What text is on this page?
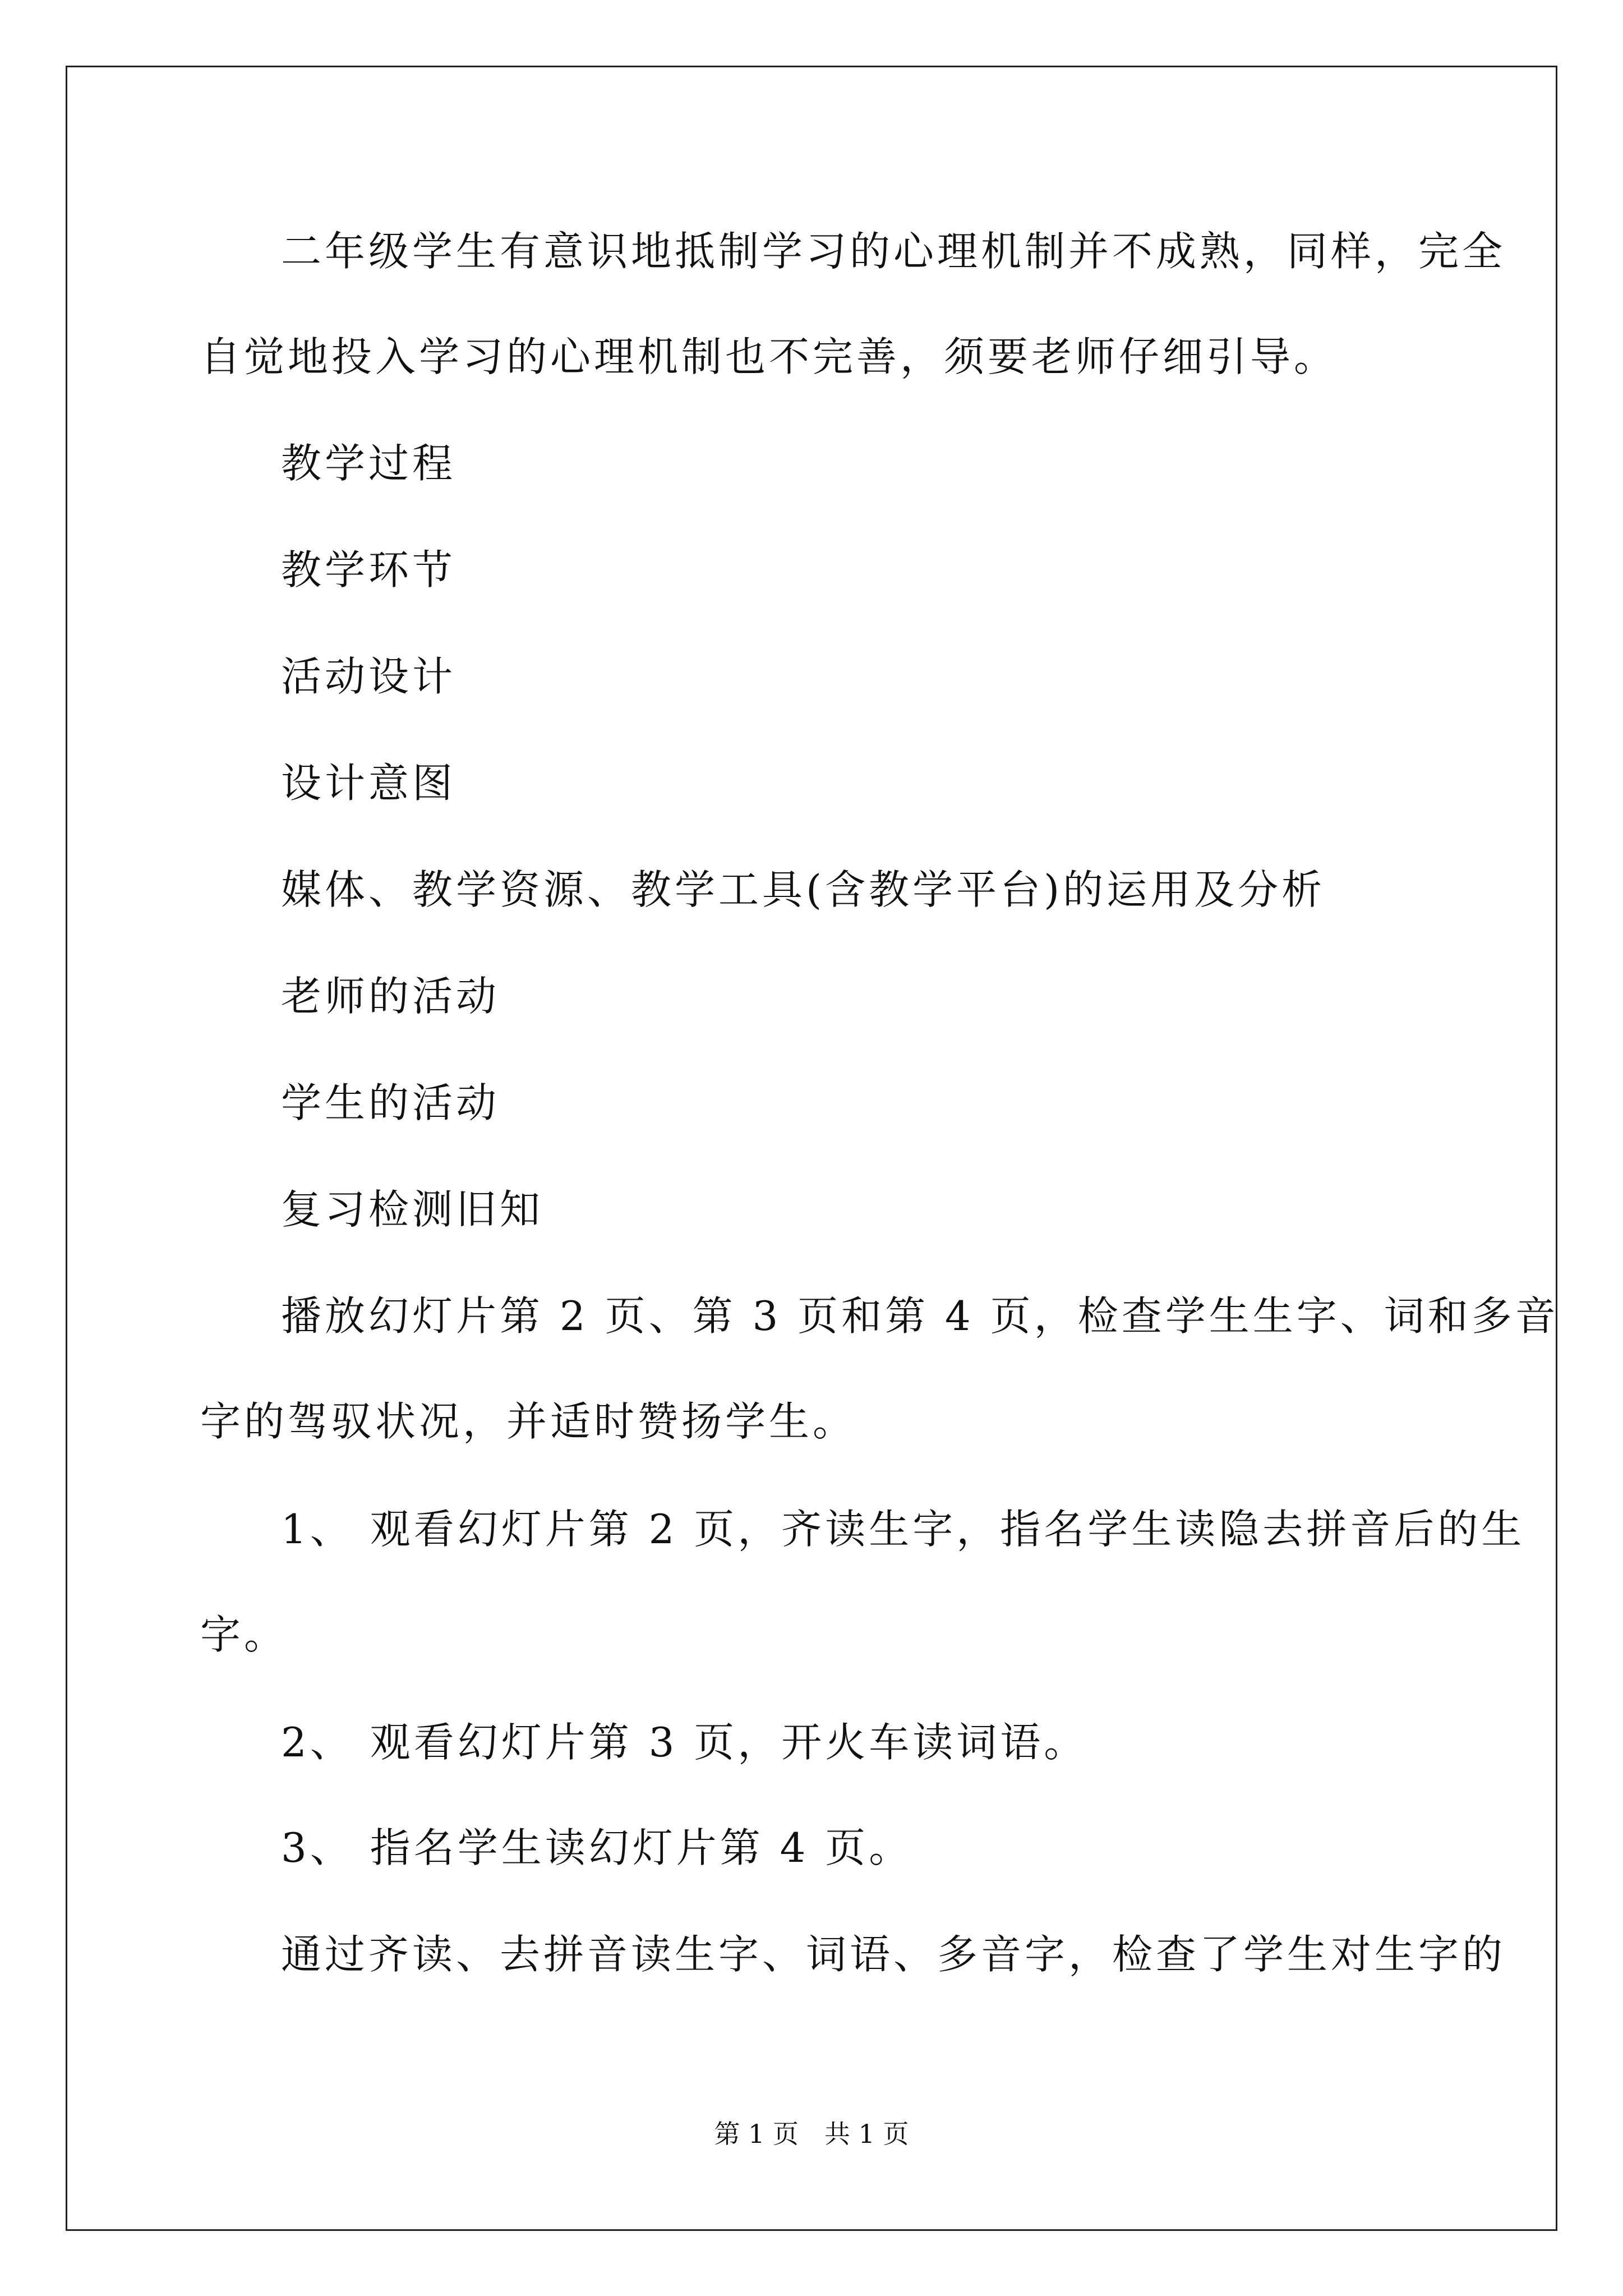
二年级学生有意识地抵制学习的心理机制并不成熟，同样，完全
自觉地投入学习的心理机制也不完善，须要老师仔细引导。
教学过程
教学环节
活动设计
设计意图
媒体、教学资源、教学工具(含教学平台)的运用及分析
老师的活动
学生的活动
复习检测旧知
播放幻灯片第 2 页、第 3 页和第 4 页，检查学生生字、词和多音
字的驾驭状况，并适时赞扬学生。
1、 观看幻灯片第 2 页，齐读生字，指名学生读隐去拼音后的生
字。
2、 观看幻灯片第 3 页，开火车读词语。
3、 指名学生读幻灯片第 4 页。
通过齐读、去拼音读生字、词语、多音字，检查了学生对生字的
第 1 页 共 1 页
